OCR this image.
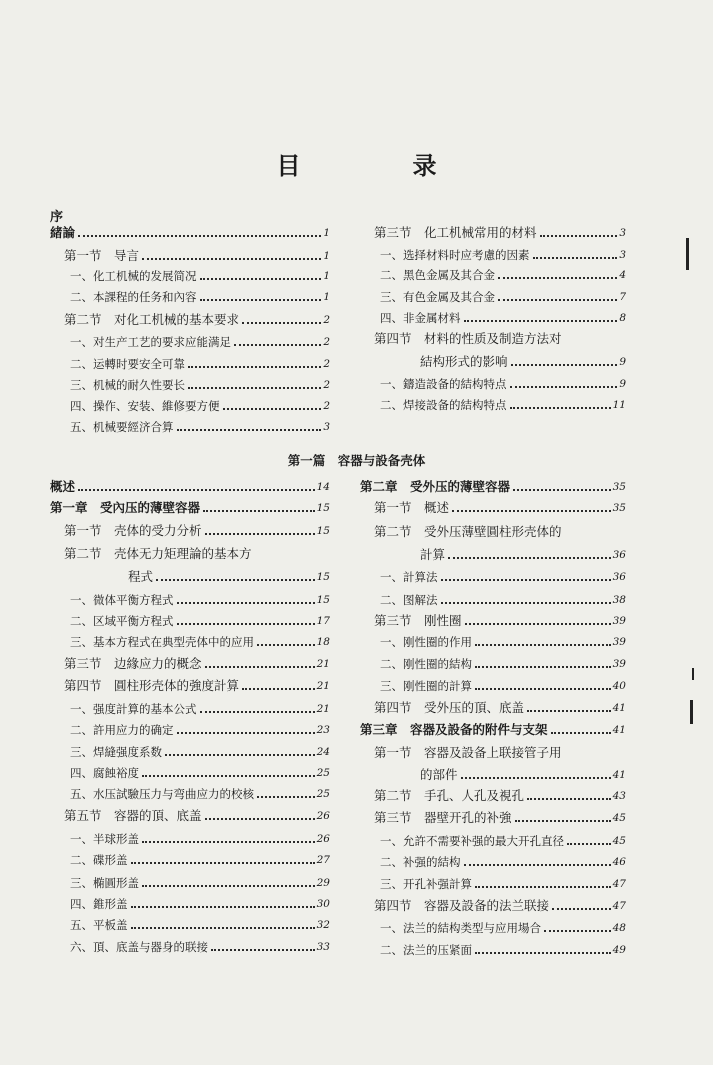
目　录
序
緒論	1
第一节　导言	1
一、化工机械的发展简况	1
二、本課程的任务和內容	1
第二节　对化工机械的基本要求	2
一、对生产工艺的要求应能满足	2
二、运轉时要安全可靠	2
三、机械的耐久性要长	2
四、操作、安装、維修要方便	2
五、机械要經济合算	3
第三节　化工机械常用的材料	3
一、选择材料时应考慮的因素	3
二、黑色金属及其合金	4
三、有色金属及其合金	7
四、非金属材料	8
第四节　材料的性质及制造方法对
結构形式的影响	9
一、鑄造設备的結构特点	9
二、焊接設备的結构特点	11
第一篇　容器与設备壳体
概述	14
第一章　受內压的薄壁容器	15
第一节　壳体的受力分析	15
第二节　壳体无力矩理論的基本方
程式	15
一、微体平衡方程式	15
二、区域平衡方程式	17
三、基本方程式在典型壳体中的应用	18
第三节　边緣应力的概念	21
第四节　圓柱形壳体的強度計算	21
一、强度計算的基本公式	21
二、許用应力的确定	23
三、焊縫强度系数	24
四、腐蝕裕度	25
五、水压試驗压力与弯曲应力的校核	25
第五节　容器的頂、底盖	26
一、半球形盖	26
二、碟形盖	27
三、椭圓形盖	29
四、錐形盖	30
五、平板盖	32
六、頂、底盖与器身的联接	33
第二章　受外压的薄壁容器	35
第一节　概述	35
第二节　受外压薄壁圓柱形壳体的
計算	36
一、計算法	36
二、图解法	38
第三节　刚性圈	39
一、刚性圈的作用	39
二、刚性圈的結构	39
三、刚性圈的計算	40
第四节　受外压的頂、底盖	41
第三章　容器及設备的附件与支架	41
第一节　容器及設备上联接管子用
的部件	41
第二节　手孔、人孔及視孔	43
第三节　器壁开孔的补強	45
一、允許不需要补强的最大开孔直径	45
二、补强的結构	46
三、开孔补强計算	47
第四节　容器及設备的法兰联接	47
一、法兰的結构类型与应用場合	48
二、法兰的压紧面	49
